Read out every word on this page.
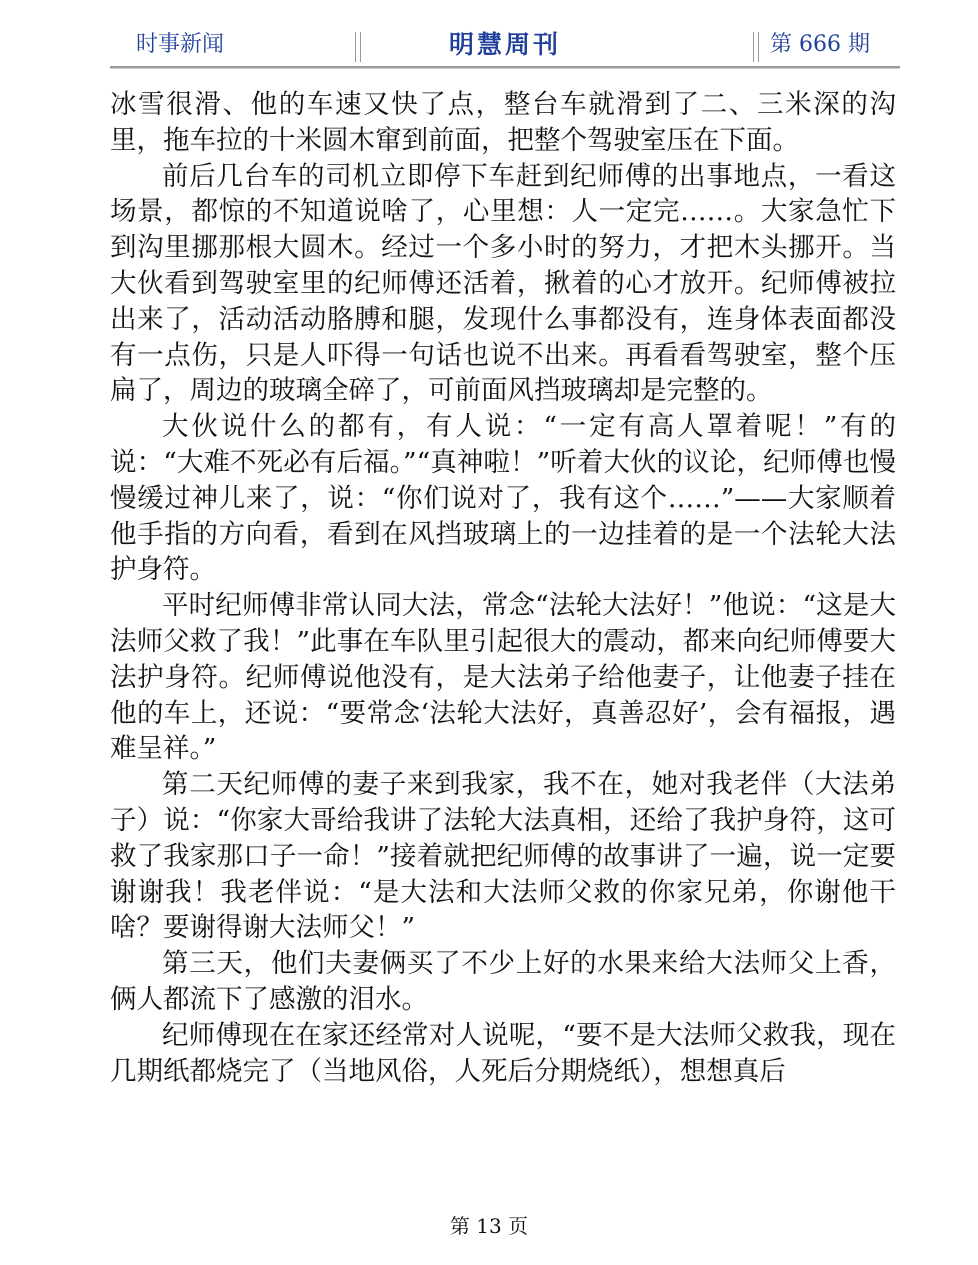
时事新闻	明慧周刊	第 666 期

冰雪很滑、他的车速又快了点，整台车就滑到了二、三米深的沟里，拖车拉的十米圆木窜到前面，把整个驾驶室压在下面。

前后几台车的司机立即停下车赶到纪师傅的出事地点，一看这场景，都惊的不知道说啥了，心里想：人一定完……。大家急忙下到沟里挪那根大圆木。经过一个多小时的努力，才把木头挪开。当大伙看到驾驶室里的纪师傅还活着，揪着的心才放开。纪师傅被拉出来了，活动活动胳膊和腿，发现什么事都没有，连身体表面都没有一点伤，只是人吓得一句话也说不出来。再看看驾驶室，整个压扁了，周边的玻璃全碎了，可前面风挡玻璃却是完整的。

大伙说什么的都有，有人说：“一定有高人罩着呢！”有的说：“大难不死必有后福。”“真神啦！”听着大伙的议论，纪师傅也慢慢缓过神儿来了，说：“你们说对了，我有这个……”——大家顺着他手指的方向看，看到在风挡玻璃上的一边挂着的是一个法轮大法护身符。

平时纪师傅非常认同大法，常念“法轮大法好！”他说：“这是大法师父救了我！”此事在车队里引起很大的震动，都来向纪师傅要大法护身符。纪师傅说他没有，是大法弟子给他妻子，让他妻子挂在他的车上，还说：“要常念‘法轮大法好，真善忍好’，会有福报，遇难呈祥。”

第二天纪师傅的妻子来到我家，我不在，她对我老伴（大法弟子）说：“你家大哥给我讲了法轮大法真相，还给了我护身符，这可救了我家那口子一命！”接着就把纪师傅的故事讲了一遍，说一定要谢谢我！我老伴说：“是大法和大法师父救的你家兄弟，你谢他干啥？要谢得谢大法师父！”

第三天，他们夫妻俩买了不少上好的水果来给大法师父上香，俩人都流下了感激的泪水。

纪师傅现在在家还经常对人说呢，“要不是大法师父救我，现在几期纸都烧完了（当地风俗，人死后分期烧纸），想想真后

第 13 页
